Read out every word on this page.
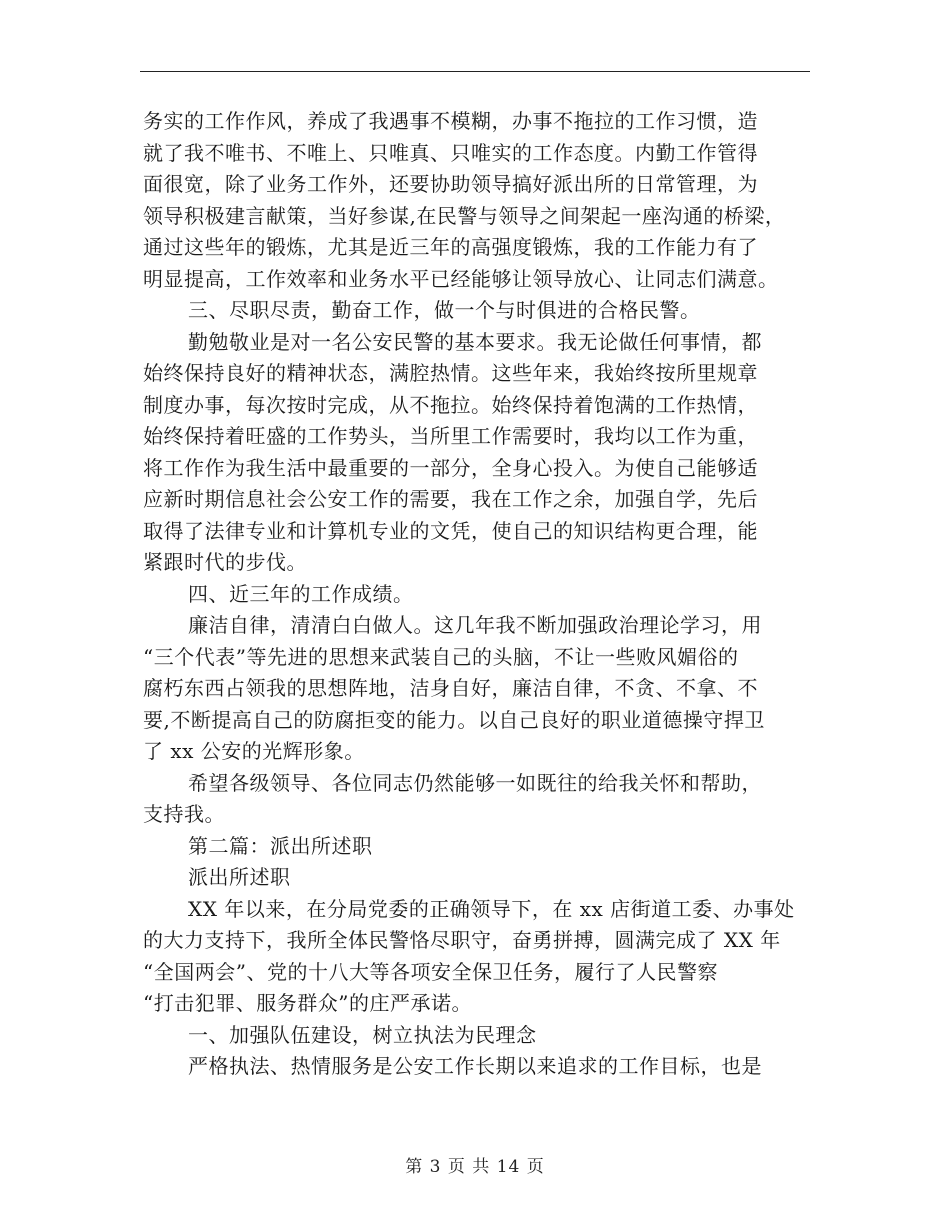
务实的工作作风，养成了我遇事不模糊，办事不拖拉的工作习惯，造
就了我不唯书、不唯上、只唯真、只唯实的工作态度。内勤工作管得
面很宽，除了业务工作外，还要协助领导搞好派出所的日常管理，为
领导积极建言献策，当好参谋,在民警与领导之间架起一座沟通的桥梁，
通过这些年的锻炼，尤其是近三年的高强度锻炼，我的工作能力有了
明显提高，工作效率和业务水平已经能够让领导放心、让同志们满意。
三、尽职尽责，勤奋工作，做一个与时俱进的合格民警。
勤勉敬业是对一名公安民警的基本要求。我无论做任何事情，都
始终保持良好的精神状态，满腔热情。这些年来，我始终按所里规章
制度办事，每次按时完成，从不拖拉。始终保持着饱满的工作热情，
始终保持着旺盛的工作势头，当所里工作需要时，我均以工作为重，
将工作作为我生活中最重要的一部分，全身心投入。为使自己能够适
应新时期信息社会公安工作的需要，我在工作之余，加强自学，先后
取得了法律专业和计算机专业的文凭，使自己的知识结构更合理，能
紧跟时代的步伐。
四、近三年的工作成绩。
廉洁自律，清清白白做人。这几年我不断加强政治理论学习，用
“三个代表”等先进的思想来武装自己的头脑，不让一些败风媚俗的
腐朽东西占领我的思想阵地，洁身自好，廉洁自律，不贪、不拿、不
要,不断提高自己的防腐拒变的能力。以自己良好的职业道德操守捍卫
了 xx 公安的光辉形象。
希望各级领导、各位同志仍然能够一如既往的给我关怀和帮助，
支持我。
第二篇：派出所述职
派出所述职
XX 年以来，在分局党委的正确领导下，在 xx 店街道工委、办事处
的大力支持下，我所全体民警恪尽职守，奋勇拼搏，圆满完成了 XX 年
“全国两会”、党的十八大等各项安全保卫任务，履行了人民警察
“打击犯罪、服务群众”的庄严承诺。
一、加强队伍建设，树立执法为民理念
严格执法、热情服务是公安工作长期以来追求的工作目标，也是
第 3 页 共 14 页
